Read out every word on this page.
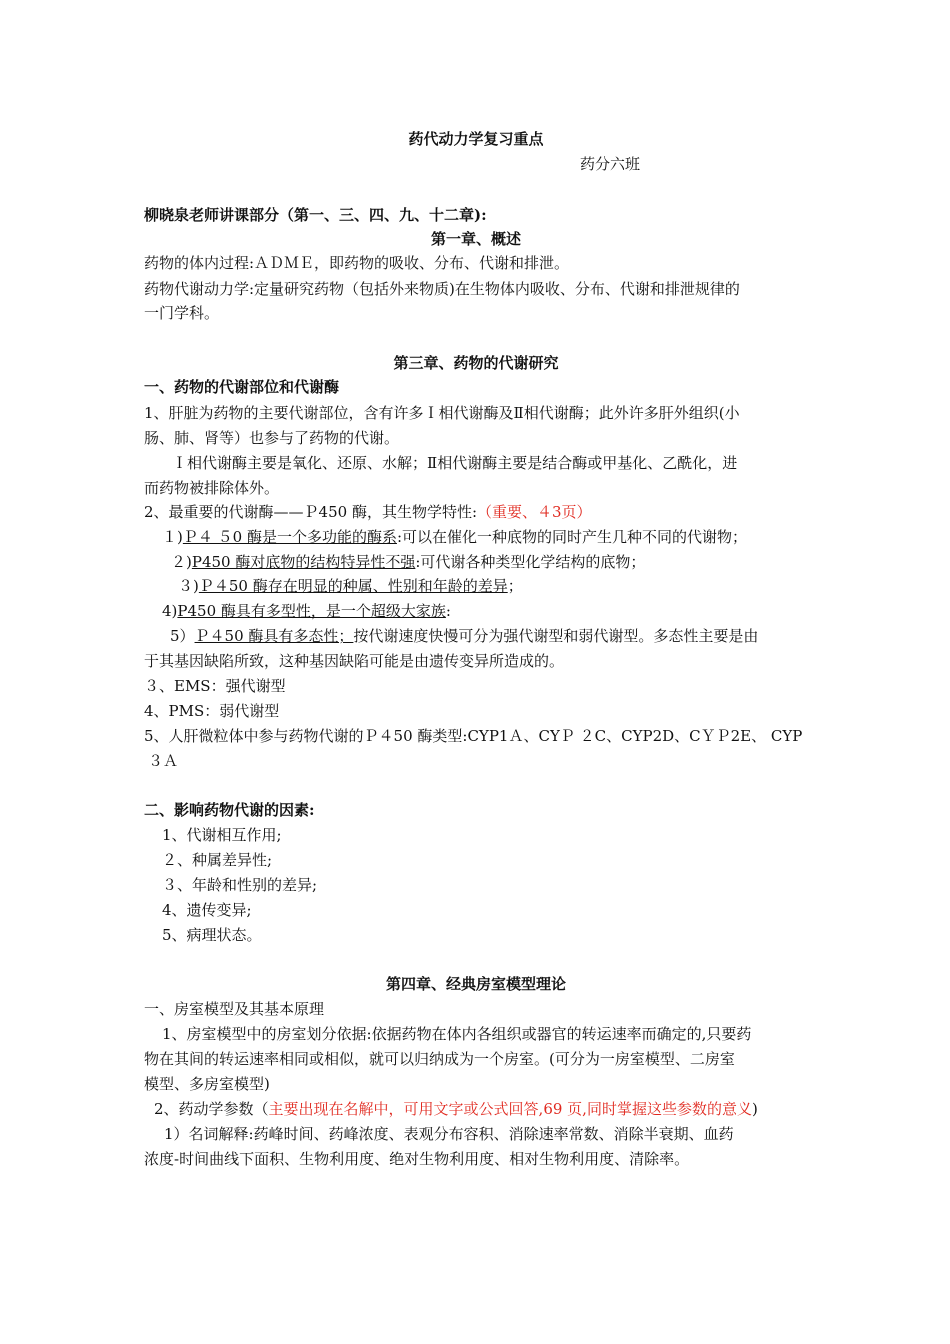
药代动力学复习重点
药分六班
柳晓泉老师讲课部分（第一、三、四、九、十二章):
第一章、概述
药物的体内过程:ＡＤＭＥ，即药物的吸收、分布、代谢和排泄。
药物代谢动力学:定量研究药物（包括外来物质)在生物体内吸收、分布、代谢和排泄规律的
一门学科。
第三章、药物的代谢研究
一、药物的代谢部位和代谢酶
1、肝脏为药物的主要代谢部位，含有许多Ｉ相代谢酶及Ⅱ相代谢酶；此外许多肝外组织(小
肠、肺、肾等）也参与了药物的代谢。
Ｉ相代谢酶主要是氧化、还原、水解；Ⅱ相代谢酶主要是结合酶或甲基化、乙酰化，进
而药物被排除体外。
2、最重要的代谢酶——Ｐ450 酶，其生物学特性:（重要、４3页）
１)Ｐ４ ５0 酶是一个多功能的酶系:可以在催化一种底物的同时产生几种不同的代谢物；
２)P450 酶对底物的结构特异性不强:可代谢各种类型化学结构的底物；
３)Ｐ４50 酶存在明显的种属、性别和年龄的差异；
4)P450 酶具有多型性，是一个超级大家族:
5）Ｐ４50 酶具有多态性；按代谢速度快慢可分为强代谢型和弱代谢型。多态性主要是由
于其基因缺陷所致，这种基因缺陷可能是由遗传变异所造成的。
３、EMS：强代谢型
4、PMS：弱代谢型
5、人肝微粒体中参与药物代谢的Ｐ４50 酶类型:CYP1Ａ、CYＰ ２C、CYP2D、CＹＰ2E、 CYP
３Ａ
二、影响药物代谢的因素:
1、代谢相互作用;
２、种属差异性;
３、年龄和性别的差异;
4、遗传变异;
5、病理状态。
第四章、经典房室模型理论
一、房室模型及其基本原理
1、房室模型中的房室划分依据:依据药物在体内各组织或器官的转运速率而确定的,只要药
物在其间的转运速率相同或相似，就可以归纳成为一个房室。(可分为一房室模型、二房室
模型、多房室模型)
2、药动学参数（主要出现在名解中，可用文字或公式回答,69 页,同时掌握这些参数的意义)
1）名词解释:药峰时间、药峰浓度、表观分布容积、消除速率常数、消除半衰期、血药
浓度-时间曲线下面积、生物利用度、绝对生物利用度、相对生物利用度、清除率。
